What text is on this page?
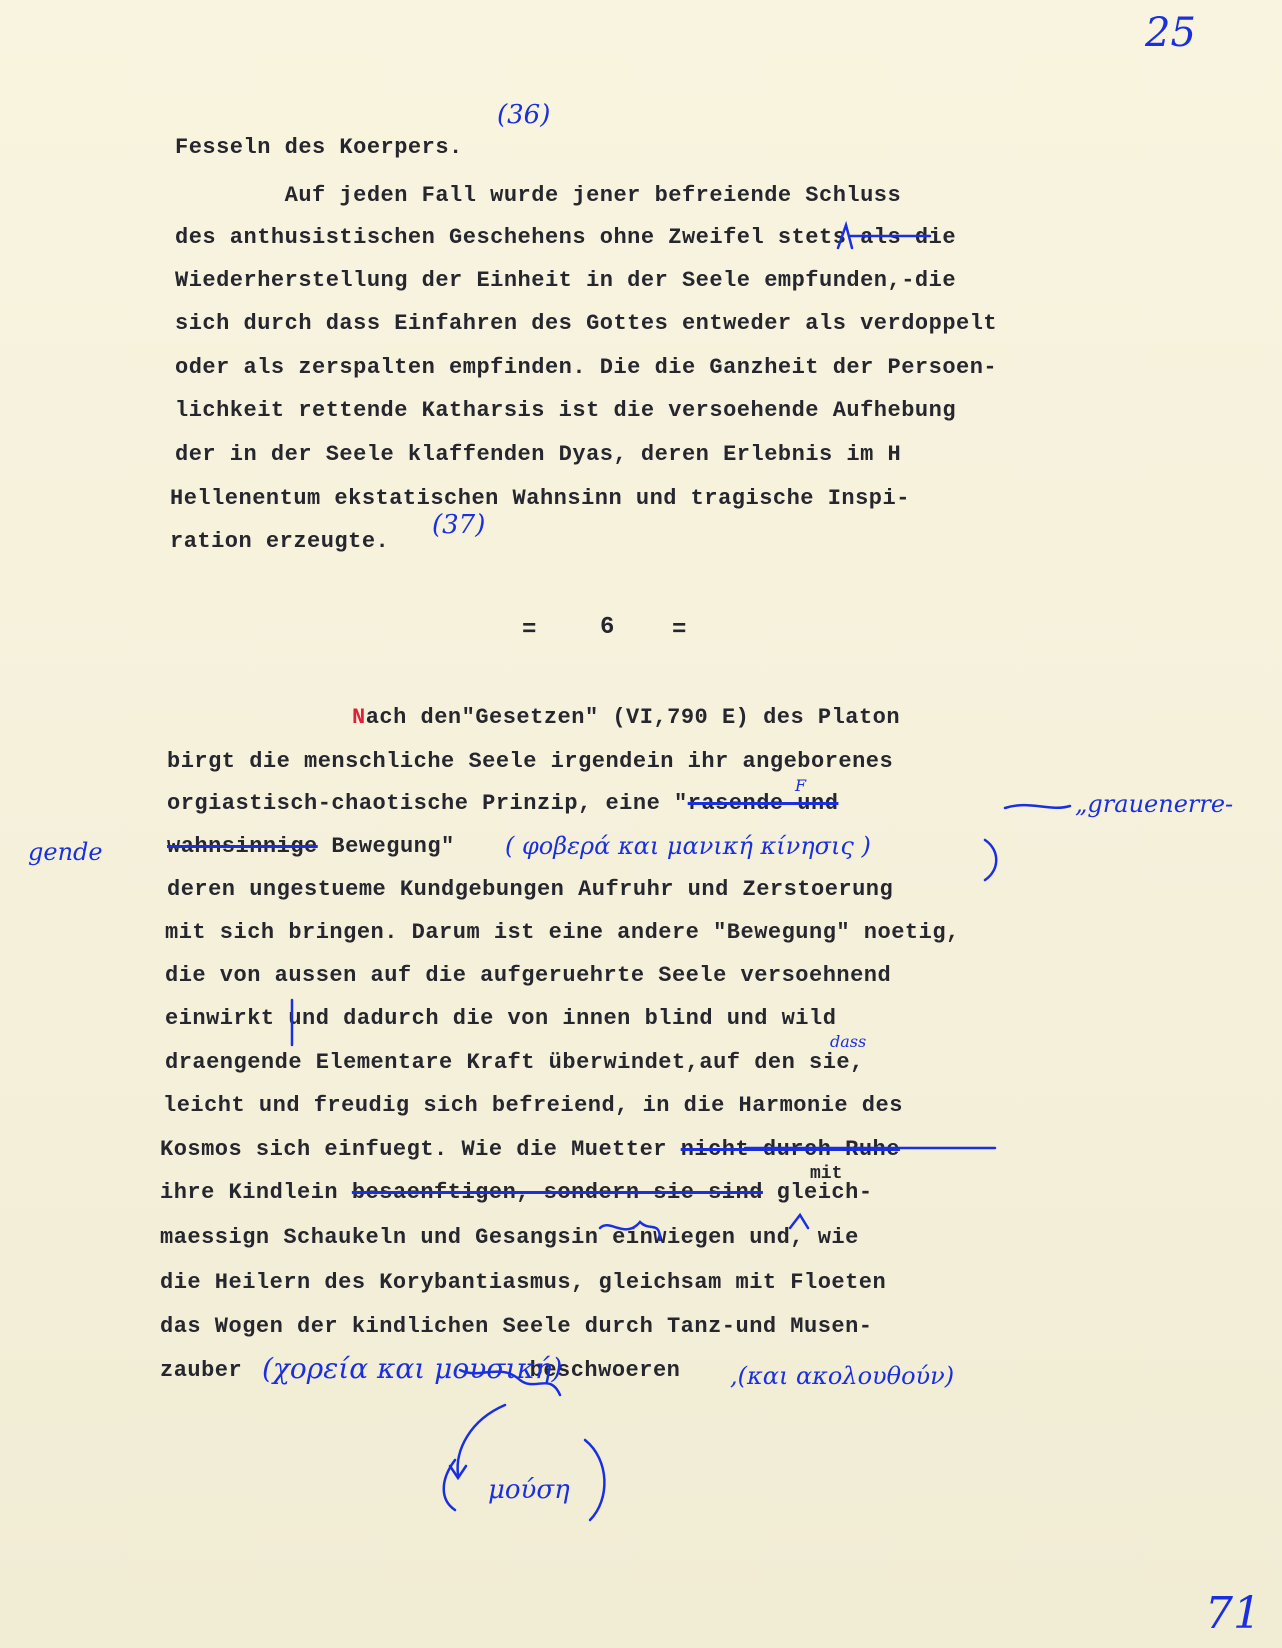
25
71
(36)
(37)
Fesseln des Koerpers.
Auf jeden Fall wurde jener befreiende Schluss
des anthusistischen Geschehens ohne Zweifel stets als die
Wiederherstellung der Einheit in der Seele empfunden,-die
sich durch dass Einfahren des Gottes entweder als verdoppelt
oder als zerspalten empfinden. Die die Ganzheit der Persoen-
lichkeit rettende Katharsis ist die versoehende Aufhebung
der in der Seele klaffenden Dyas, deren Erlebnis im H
Hellenentum ekstatischen Wahnsinn und tragische Inspi-
ration erzeugte.
=	6 =
Nach den"Gesetzen" (VI,790 E) des Platon
birgt die menschliche Seele irgendein ihr angeborenes
orgiastisch-chaotische Prinzip, eine "rasende und
wahnsinnige Bewegung"
deren ungestueme Kundgebungen Aufruhr und Zerstoerung
mit sich bringen. Darum ist eine andere "Bewegung" noetig,
die von aussen auf die aufgeruehrte Seele versoehnend
einwirkt und dadurch die von innen blind und wild
draengende Elementare Kraft überwindet,auf den sie,
leicht und freudig sich befreiend, in die Harmonie des
Kosmos sich einfuegt. Wie die Muetter nicht durch Ruhe
ihre Kindlein besaenftigen, sondern sie sind gleich-
maessign Schaukeln und Gesangsin einwiegen und, wie
die Heilern des Korybantiasmus, gleichsam mit Floeten
das Wogen der kindlichen Seele durch Tanz-und Musen-
zauber	beschwoeren
( φοβερά και μανική κίνησις )
„grauenerre-
gende
F
dass
mit
(χορεία και μουσική)	,(και ακολουθούν)
μούση
